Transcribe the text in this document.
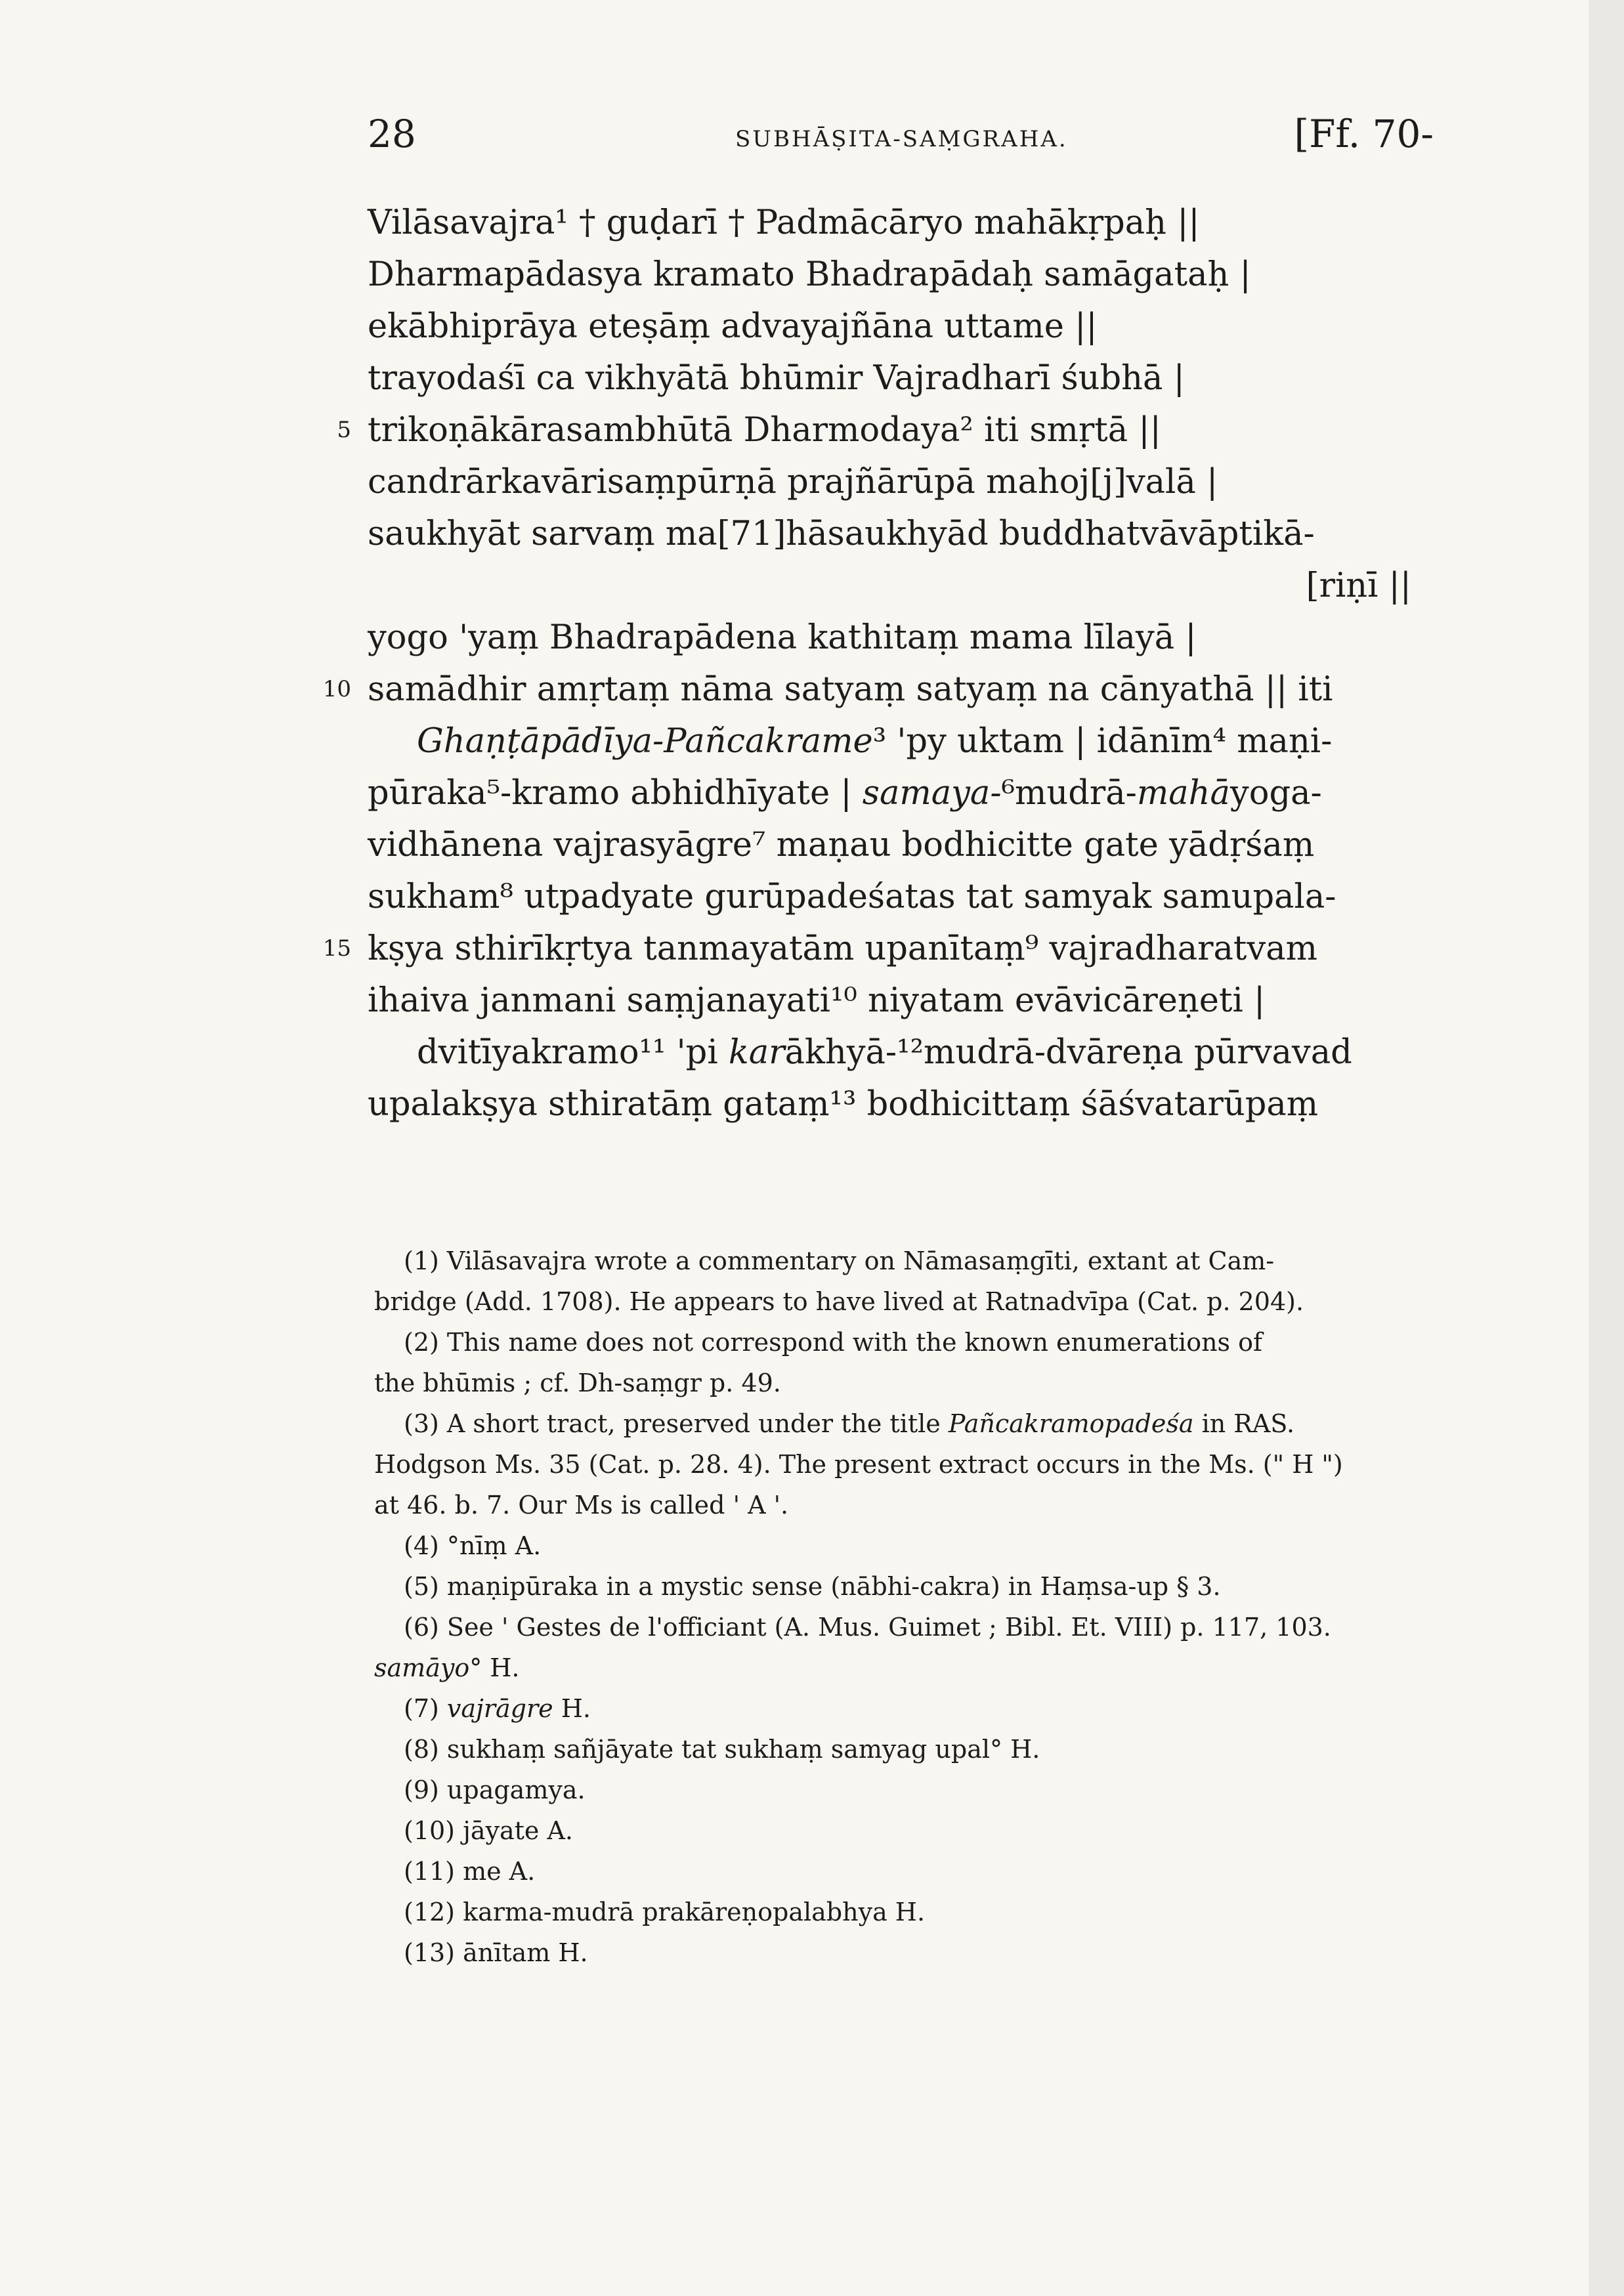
28	SUBHĀṢITA-SAṂGRAHA.	[Ff. 70-
Vilāsavajra¹ † guḍarī † Padmācāryo mahākṛpaḥ ||
Dharmapādasya kramato Bhadrapādaḥ samāgataḥ |
ekābhiprāya eteṣāṃ advayajñāna uttame ||
trayodaśī ca vikhyātā bhūmir Vajradharī śubhā |
5 trikoṇākārasambhūtā Dharmodaya² iti smṛtā ||
candrārkavārisaṃpūrṇā prajñārūpā mahoj[j]valā |
saukhyāt sarvaṃ ma[71]hāsaukhyād buddhatvāvāptikā-
[riṇī ||
yogo 'yaṃ Bhadrapādena kathitaṃ mama līlayā |
10 samādhir amṛtaṃ nāma satyaṃ satyaṃ na cānyathā || iti
Ghaṇṭāpādīya-Pañcakrame³ 'py uktam | idānīm⁴ maṇi-
pūraka⁵-kramo abhidhīyate | samaya-⁶mudrā-mahāyoga-
vidhānena vajrasyāgre⁷ maṇau bodhicitte gate yādṛśaṃ
sukham⁸ utpadyate gurūpadeśatas tat samyak samupala-
15 kṣya sthirīkṛtya tanmayatām upanītaṃ⁹ vajradharatvam
ihaiva janmani saṃjanayati¹⁰ niyatam evāvicāreṇeti |
dvitīyakramo¹¹ 'pi karākhyā-¹²mudrā-dvāreṇa pūrvavad
upalakṣya sthiratāṃ gataṃ¹³ bodhicittaṃ śāśvatarūpaṃ
(1) Vilāsavajra wrote a commentary on Nāmasaṃgīti, extant at Cam-
bridge (Add. 1708). He appears to have lived at Ratnadvīpa (Cat. p. 204).
(2) This name does not correspond with the known enumerations of
the bhūmis ; cf. Dh-saṃgr p. 49.
(3) A short tract, preserved under the title Pañcakramopadeśa in RAS.
Hodgson Ms. 35 (Cat. p. 28. 4). The present extract occurs in the Ms. (" H ")
at 46. b. 7. Our Ms is called ' A '.
(4) °nīṃ A.
(5) maṇipūraka in a mystic sense (nābhi-cakra) in Haṃsa-up § 3.
(6) See ' Gestes de l'officiant (A. Mus. Guimet ; Bibl. Et. VIII) p. 117, 103.
samāyo° H.
(7) vajrāgre H.
(8) sukhaṃ sañjāyate tat sukhaṃ samyag upal° H.
(9) upagamya.
(10) jāyate A.
(11) me A.
(12) karma-mudrā prakāreṇopalabhya H.
(13) ānītam H.
